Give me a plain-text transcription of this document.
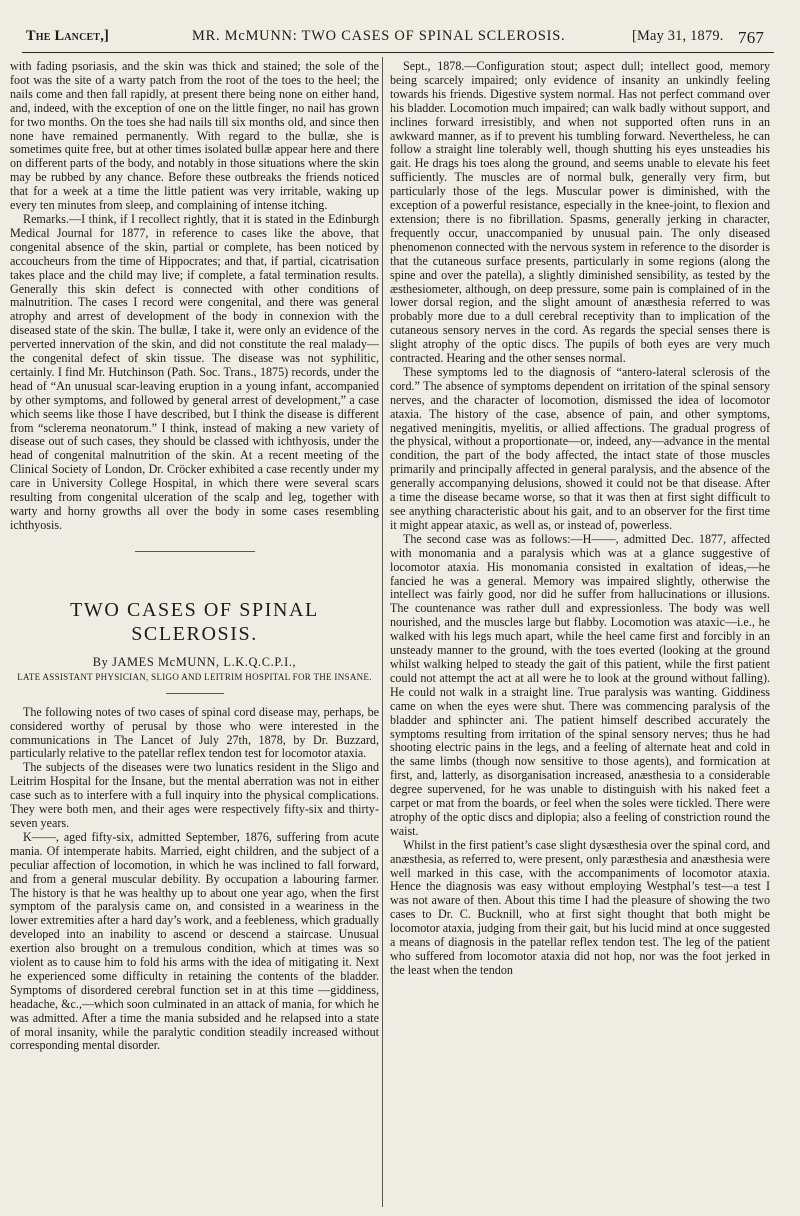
The Lancet,]	MR. McMUNN: TWO CASES OF SPINAL SCLEROSIS.	[May 31, 1879. 767

with fading psoriasis, and the skin was thick and stained; the sole of the foot was the site of a warty patch from the root of the toes to the heel; the nails come and then fall rapidly, at present there being none on either hand, and, indeed, with the exception of one on the little finger, no nail has grown for two months. On the toes she had nails till six months old, and since then none have remained permanently. With regard to the bullæ, she is sometimes quite free, but at other times isolated bullæ appear here and there on different parts of the body, and notably in those situations where the skin may be rubbed by any chance. Before these outbreaks the friends noticed that for a week at a time the little patient was very irritable, waking up every ten minutes from sleep, and complaining of intense itching.

Remarks.—I think, if I recollect rightly, that it is stated in the Edinburgh Medical Journal for 1877, in reference to cases like the above, that congenital absence of the skin, partial or complete, has been noticed by accoucheurs from the time of Hippocrates; and that, if partial, cicatrisation takes place and the child may live; if complete, a fatal termination results. Generally this skin defect is connected with other conditions of malnutrition. The cases I record were congenital, and there was general atrophy and arrest of development of the body in connexion with the diseased state of the skin. The bullæ, I take it, were only an evidence of the perverted innervation of the skin, and did not constitute the real malady—the congenital defect of skin tissue. The disease was not syphilitic, certainly. I find Mr. Hutchinson (Path. Soc. Trans., 1875) records, under the head of “An unusual scar-leaving eruption in a young infant, accompanied by other symptoms, and followed by general arrest of development,” a case which seems like those I have described, but I think the disease is different from “sclerema neonatorum.” I think, instead of making a new variety of disease out of such cases, they should be classed with ichthyosis, under the head of congenital malnutrition of the skin. At a recent meeting of the Clinical Society of London, Dr. Cröcker exhibited a case recently under my care in University College Hospital, in which there were several scars resulting from congenital ulceration of the scalp and leg, together with warty and horny growths all over the body in some cases resembling ichthyosis.

TWO CASES OF SPINAL SCLEROSIS.
By JAMES McMUNN, L.K.Q.C.P.I.,
LATE ASSISTANT PHYSICIAN, SLIGO AND LEITRIM HOSPITAL FOR THE INSANE.

The following notes of two cases of spinal cord disease may, perhaps, be considered worthy of perusal by those who were interested in the communications in The Lancet of July 27th, 1878, by Dr. Buzzard, particularly relative to the patellar reflex tendon test for locomotor ataxia.

The subjects of the diseases were two lunatics resident in the Sligo and Leitrim Hospital for the Insane, but the mental aberration was not in either case such as to interfere with a full inquiry into the physical complications. They were both men, and their ages were respectively fifty-six and thirty-seven years.

K——, aged fifty-six, admitted September, 1876, suffering from acute mania. Of intemperate habits. Married, eight children, and the subject of a peculiar affection of locomotion, in which he was inclined to fall forward, and from a general muscular debility. By occupation a labouring farmer. The history is that he was healthy up to about one year ago, when the first symptom of the paralysis came on, and consisted in a weariness in the lower extremities after a hard day’s work, and a feebleness, which gradually developed into an inability to ascend or descend a staircase. Unusual exertion also brought on a tremulous condition, which at times was so violent as to cause him to fold his arms with the idea of mitigating it. Next he experienced some difficulty in retaining the contents of the bladder. Symptoms of disordered cerebral function set in at this time —giddiness, headache, &c.,—which soon culminated in an attack of mania, for which he was admitted. After a time the mania subsided and he relapsed into a state of moral insanity, while the paralytic condition steadily increased without corresponding mental disorder.

Sept., 1878.—Configuration stout; aspect dull; intellect good, memory being scarcely impaired; only evidence of insanity an unkindly feeling towards his friends. Digestive system normal. Has not perfect command over his bladder. Locomotion much impaired; can walk badly without support, and inclines forward irresistibly, and when not supported often runs in an awkward manner, as if to prevent his tumbling forward. Nevertheless, he can follow a straight line tolerably well, though shutting his eyes unsteadies his gait. He drags his toes along the ground, and seems unable to elevate his feet sufficiently. The muscles are of normal bulk, generally very firm, but particularly those of the legs. Muscular power is diminished, with the exception of a powerful resistance, especially in the knee-joint, to flexion and extension; there is no fibrillation. Spasms, generally jerking in character, frequently occur, unaccompanied by unusual pain. The only diseased phenomenon connected with the nervous system in reference to the disorder is that the cutaneous surface presents, particularly in some regions (along the spine and over the patella), a slightly diminished sensibility, as tested by the æsthesiometer, although, on deep pressure, some pain is complained of in the lower dorsal region, and the slight amount of anæsthesia referred to was probably more due to a dull cerebral receptivity than to implication of the cutaneous sensory nerves in the cord. As regards the special senses there is slight atrophy of the optic discs. The pupils of both eyes are very much contracted. Hearing and the other senses normal.

These symptoms led to the diagnosis of “antero-lateral sclerosis of the cord.” The absence of symptoms dependent on irritation of the spinal sensory nerves, and the character of locomotion, dismissed the idea of locomotor ataxia. The history of the case, absence of pain, and other symptoms, negatived meningitis, myelitis, or allied affections. The gradual progress of the physical, without a proportionate—or, indeed, any—advance in the mental condition, the part of the body affected, the intact state of those muscles primarily and principally affected in general paralysis, and the absence of the generally accompanying delusions, showed it could not be that disease. After a time the disease became worse, so that it was then at first sight difficult to see anything characteristic about his gait, and to an observer for the first time it might appear ataxic, as well as, or instead of, powerless.

The second case was as follows:—H——, admitted Dec. 1877, affected with monomania and a paralysis which was at a glance suggestive of locomotor ataxia. His monomania consisted in exaltation of ideas,—he fancied he was a general. Memory was impaired slightly, otherwise the intellect was fairly good, nor did he suffer from hallucinations or illusions. The countenance was rather dull and expressionless. The body was well nourished, and the muscles large but flabby. Locomotion was ataxic—i.e., he walked with his legs much apart, while the heel came first and forcibly in an unsteady manner to the ground, with the toes everted (looking at the ground whilst walking helped to steady the gait of this patient, while the first patient could not attempt the act at all were he to look at the ground without falling). He could not walk in a straight line. True paralysis was wanting. Giddiness came on when the eyes were shut. There was commencing paralysis of the bladder and sphincter ani. The patient himself described accurately the symptoms resulting from irritation of the spinal sensory nerves; thus he had shooting electric pains in the legs, and a feeling of alternate heat and cold in the same limbs (though now sensitive to those agents), and formication at first, and, latterly, as disorganisation increased, anæsthesia to a considerable degree supervened, for he was unable to distinguish with his naked feet a carpet or mat from the boards, or feel when the soles were tickled. There were atrophy of the optic discs and diplopia; also a feeling of constriction round the waist.

Whilst in the first patient’s case slight dysæsthesia over the spinal cord, and anæsthesia, as referred to, were present, only paræsthesia and anæsthesia were well marked in this case, with the accompaniments of locomotor ataxia. Hence the diagnosis was easy without employing Westphal’s test—a test I was not aware of then. About this time I had the pleasure of showing the two cases to Dr. C. Bucknill, who at first sight thought that both might be locomotor ataxia, judging from their gait, but his lucid mind at once suggested a means of diagnosis in the patellar reflex tendon test. The leg of the patient who suffered from locomotor ataxia did not hop, nor was the foot jerked in the least when the tendon
